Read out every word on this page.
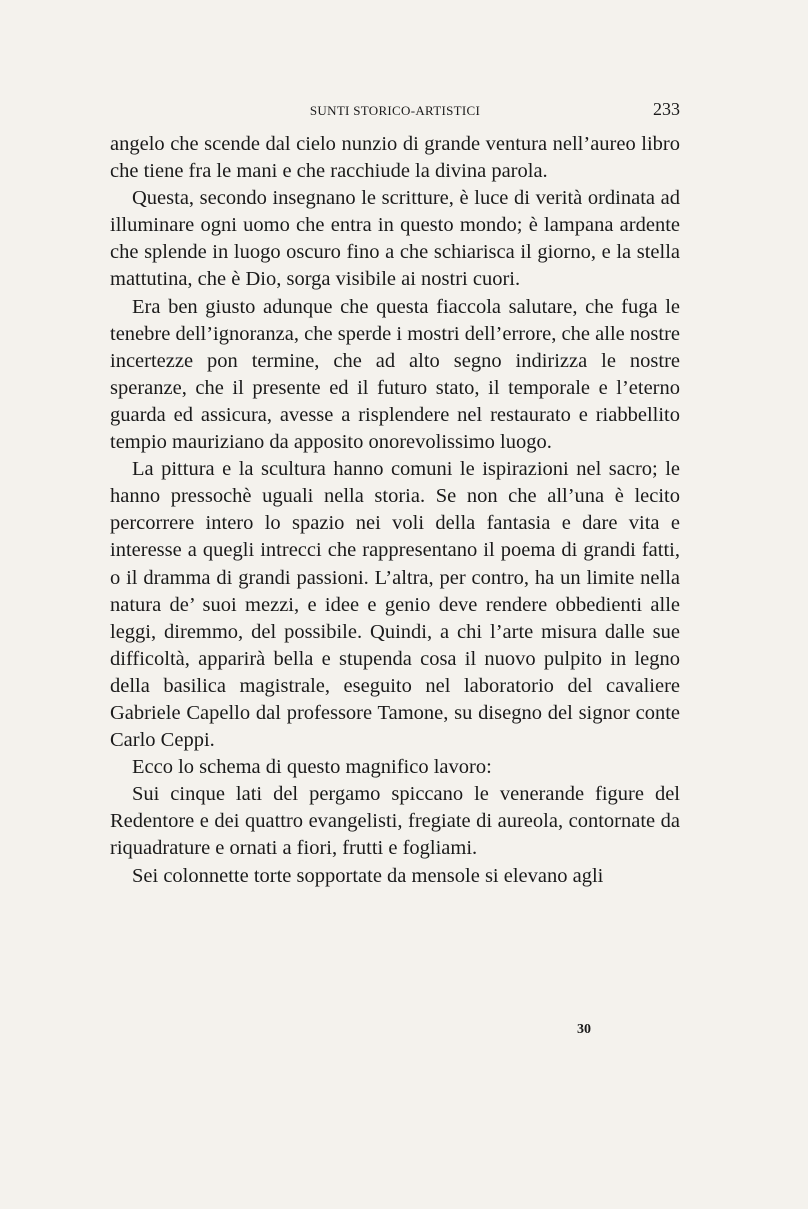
SUNTI STORICO-ARTISTICI	233

angelo che scende dal cielo nunzio di grande ventura nell’aureo libro che tiene fra le mani e che racchiude la divina parola.

Questa, secondo insegnano le scritture, è luce di verità ordinata ad illuminare ogni uomo che entra in questo mondo; è lampana ardente che splende in luogo oscuro fino a che schiarisca il giorno, e la stella mattutina, che è Dio, sorga visibile ai nostri cuori.

Era ben giusto adunque che questa fiaccola salutare, che fuga le tenebre dell’ignoranza, che sperde i mostri dell’errore, che alle nostre incertezze pon termine, che ad alto segno indirizza le nostre speranze, che il presente ed il futuro stato, il temporale e l’eterno guarda ed assicura, avesse a risplendere nel restaurato e riabbellito tempio mauriziano da apposito onorevolissimo luogo.

La pittura e la scultura hanno comuni le ispirazioni nel sacro; le hanno pressochè uguali nella storia. Se non che all’una è lecito percorrere intero lo spazio nei voli della fantasia e dare vita e interesse a quegli intrecci che rappresentano il poema di grandi fatti, o il dramma di grandi passioni. L’altra, per contro, ha un limite nella natura de’ suoi mezzi, e idee e genio deve rendere obbedienti alle leggi, diremmo, del possibile. Quindi, a chi l’arte misura dalle sue difficoltà, apparirà bella e stupenda cosa il nuovo pulpito in legno della basilica magistrale, eseguito nel laboratorio del cavaliere Gabriele Capello dal professore Tamone, su disegno del signor conte Carlo Ceppi.

Ecco lo schema di questo magnifico lavoro:

Sui cinque lati del pergamo spiccano le venerande figure del Redentore e dei quattro evangelisti, fregiate di aureola, contornate da riquadrature e ornati a fiori, frutti e fogliami.

Sei colonnette torte sopportate da mensole si elevano agli

30
